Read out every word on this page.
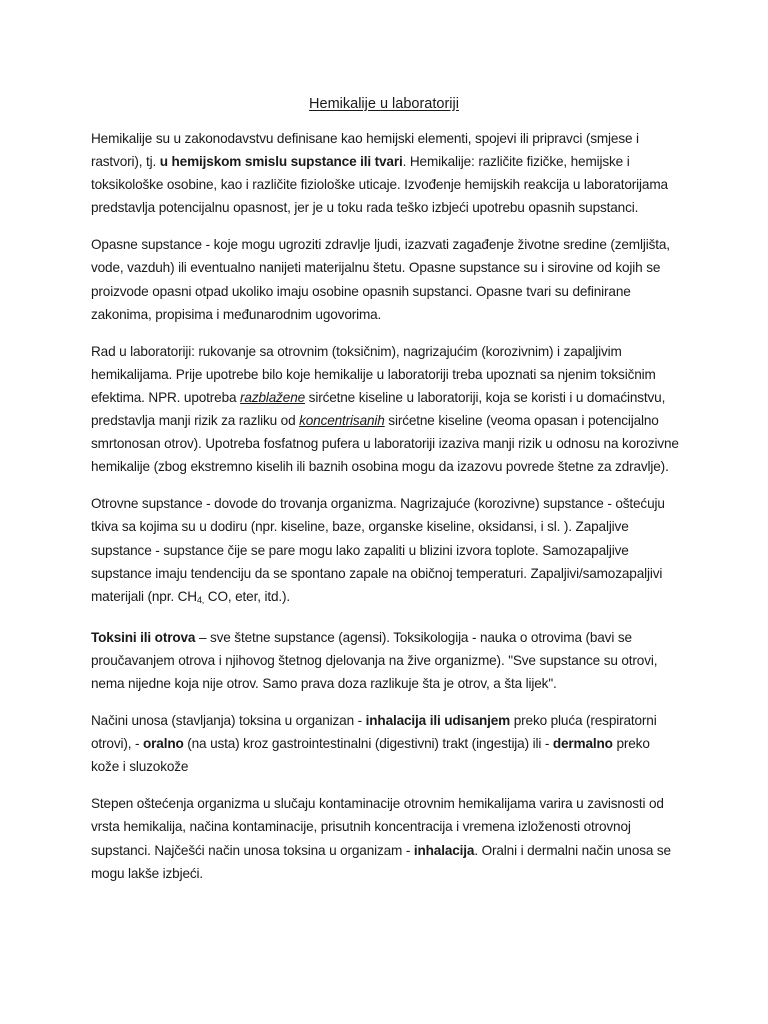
Hemikalije u laboratoriji

Hemikalije su u zakonodavstvu definisane kao hemijski elementi, spojevi ili pripravci (smjese i rastvori), tj. u hemijskom smislu supstance ili tvari. Hemikalije: različite fizičke, hemijske i toksikološke osobine, kao i različite fiziološke uticaje. Izvođenje hemijskih reakcija u laboratorijama predstavlja potencijalnu opasnost, jer je u toku rada teško izbjeći upotrebu opasnih supstanci.

Opasne supstance - koje mogu ugroziti zdravlje ljudi, izazvati zagađenje životne sredine (zemljišta, vode, vazduh) ili eventualno nanijeti materijalnu štetu. Opasne supstance su i sirovine od kojih se proizvode opasni otpad ukoliko imaju osobine opasnih supstanci. Opasne tvari su definirane zakonima, propisima i međunarodnim ugovorima.

Rad u laboratoriji: rukovanje sa otrovnim (toksičnim), nagrizajućim (korozivnim) i zapaljivim hemikalijama. Prije upotrebe bilo koje hemikalije u laboratoriji treba upoznati sa njenim toksičnim efektima. NPR. upotreba razblažene sirćetne kiseline u laboratoriji, koja se koristi i u domaćinstvu, predstavlja manji rizik za razliku od koncentrisanih sirćetne kiseline (veoma opasan i potencijalno smrtonosan otrov). Upotreba fosfatnog pufera u laboratoriji izaziva manji rizik u odnosu na korozivne hemikalije (zbog ekstremno kiselih ili baznih osobina mogu da izazovu povrede štetne za zdravlje).

Otrovne supstance - dovode do trovanja organizma. Nagrizajuće (korozivne) supstance - oštećuju tkiva sa kojima su u dodiru (npr. kiseline, baze, organske kiseline, oksidansi, i sl. ). Zapaljive supstance - supstance čije se pare mogu lako zapaliti u blizini izvora toplote. Samozapaljive supstance imaju tendenciju da se spontano zapale na običnoj temperaturi. Zapaljivi/samozapaljivi materijali (npr. $CH_{4,}$ CO, eter, itd.).

Toksini ili otrova – sve štetne supstance (agensi). Toksikologija - nauka o otrovima (bavi se proučavanjem otrova i njihovog štetnog djelovanja na žive organizme). "Sve supstance su otrovi, nema nijedne koja nije otrov. Samo prava doza razlikuje šta je otrov, a šta lijek".

Načini unosa (stavljanja) toksina u organizan - inhalacija ili udisanjem preko pluća (respiratorni otrovi), - oralno (na usta) kroz gastrointestinalni (digestivni) trakt (ingestija) ili - dermalno preko kože i sluzokože

Stepen oštećenja organizma u slučaju kontaminacije otrovnim hemikalijama varira u zavisnosti od vrsta hemikalija, načina kontaminacije, prisutnih koncentracija i vremena izloženosti otrovnoj supstanci. Najčešći način unosa toksina u organizam - inhalacija. Oralni i dermalni način unosa se mogu lakše izbjeći.
